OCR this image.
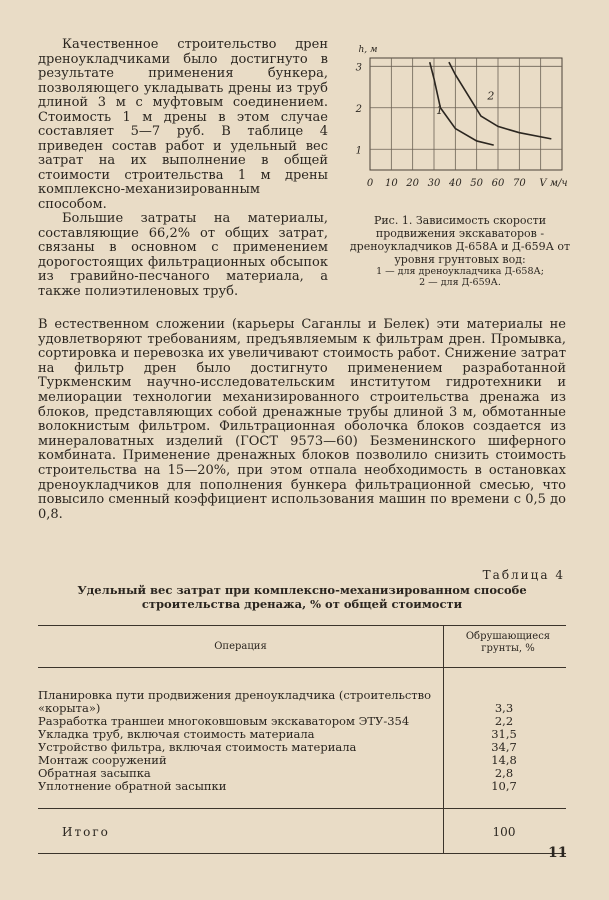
Качественное строительство дрен дреноукладчиками было достигнуто в результате применения бункера, позволяющего укладывать дрены из труб длиной 3 м с муфтовым соединением. Стоимость 1 м дрены в этом случае составляет 5—7 руб. В таблице 4 приведен состав работ и удельный вес затрат на их выполнение в общей стоимости строительства 1 м дрены комплексно-механизированным способом.

Большие затраты на материалы, составляющие 66,2% от общих затрат, связаны в основном с применением дорогостоящих фильтрационных обсыпок из гравийно-песчаного материала, а также полиэтиленовых труб.

0 10 20 30 40 50 60 70 V м/ч
1
2
3
h, м
1
2
Рис. 1. Зависимость скорости продвижения экскаваторов - дреноукладчиков Д-658А и Д-659А от уровня грунтовых вод:
1 — для дреноукладчика Д-658А;
2 — для Д-659А.

В естественном сложении (карьеры Саганлы и Белек) эти материалы не удовлетворяют требованиям, предъявляемым к фильтрам дрен. Промывка, сортировка и перевозка их увеличивают стоимость работ. Снижение затрат на фильтр дрен было достигнуто применением разработанной Туркменским научно-исследовательским институтом гидротехники и мелиорации технологии механизированного строительства дренажа из блоков, представляющих собой дренажные трубы длиной 3 м, обмотанные волокнистым фильтром. Фильтрационная оболочка блоков создается из минераловатных изделий (ГОСТ 9573—60) Безменинского шиферного комбината. Применение дренажных блоков позволило снизить стоимость строительства на 15—20%, при этом отпала необходимость в остановках дреноукладчиков для пополнения бункера фильтрационной смесью, что повысило сменный коэффициент использования машин по времени с 0,5 до 0,8.

Таблица 4
Удельный вес затрат при комплексно-механизированном способе строительства дренажа, % от общей стоимости
Операция
Обрушающиеся грунты, %
Планировка пути продвижения дреноукладчика (строительство «корыта»)	3,3
Разработка траншеи многоковшовым экскаватором ЭТУ-354	2,2
Укладка труб, включая стоимость материала	31,5
Устройство фильтра, включая стоимость материала	34,7
Монтаж сооружений	14,8
Обратная засыпка	2,8
Уплотнение обратной засыпки	10,7
Итого	100
11
